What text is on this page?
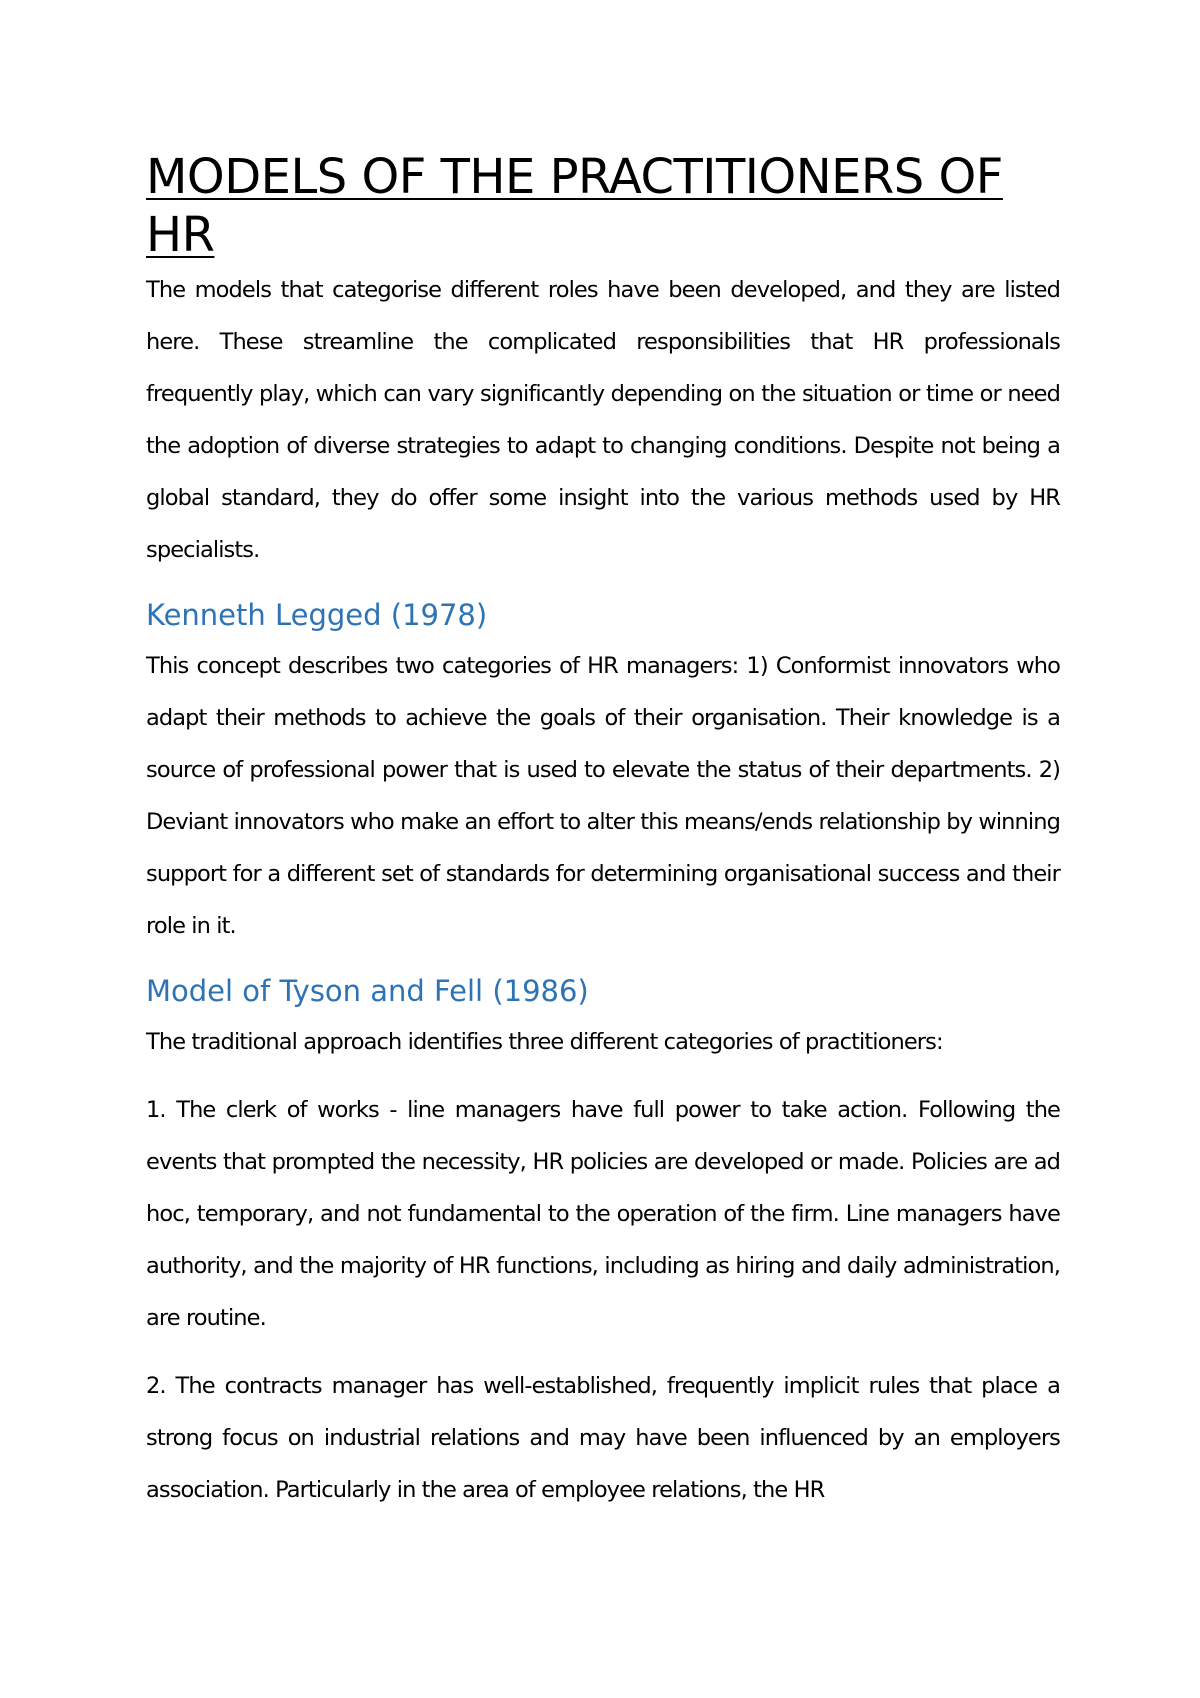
MODELS OF THE PRACTITIONERS OF HR

The models that categorise different roles have been developed, and they are listed here. These streamline the complicated responsibilities that HR professionals frequently play, which can vary significantly depending on the situation or time or need the adoption of diverse strategies to adapt to changing conditions. Despite not being a global standard, they do offer some insight into the various methods used by HR specialists.

Kenneth Legged (1978)

This concept describes two categories of HR managers: 1) Conformist innovators who adapt their methods to achieve the goals of their organisation. Their knowledge is a source of professional power that is used to elevate the status of their departments. 2) Deviant innovators who make an effort to alter this means/ends relationship by winning support for a different set of standards for determining organisational success and their role in it.

Model of Tyson and Fell (1986)

The traditional approach identifies three different categories of practitioners:

1. The clerk of works - line managers have full power to take action. Following the events that prompted the necessity, HR policies are developed or made. Policies are ad hoc, temporary, and not fundamental to the operation of the firm. Line managers have authority, and the majority of HR functions, including as hiring and daily administration, are routine.

2. The contracts manager has well-established, frequently implicit rules that place a strong focus on industrial relations and may have been influenced by an employers association. Particularly in the area of employee relations, the HR
